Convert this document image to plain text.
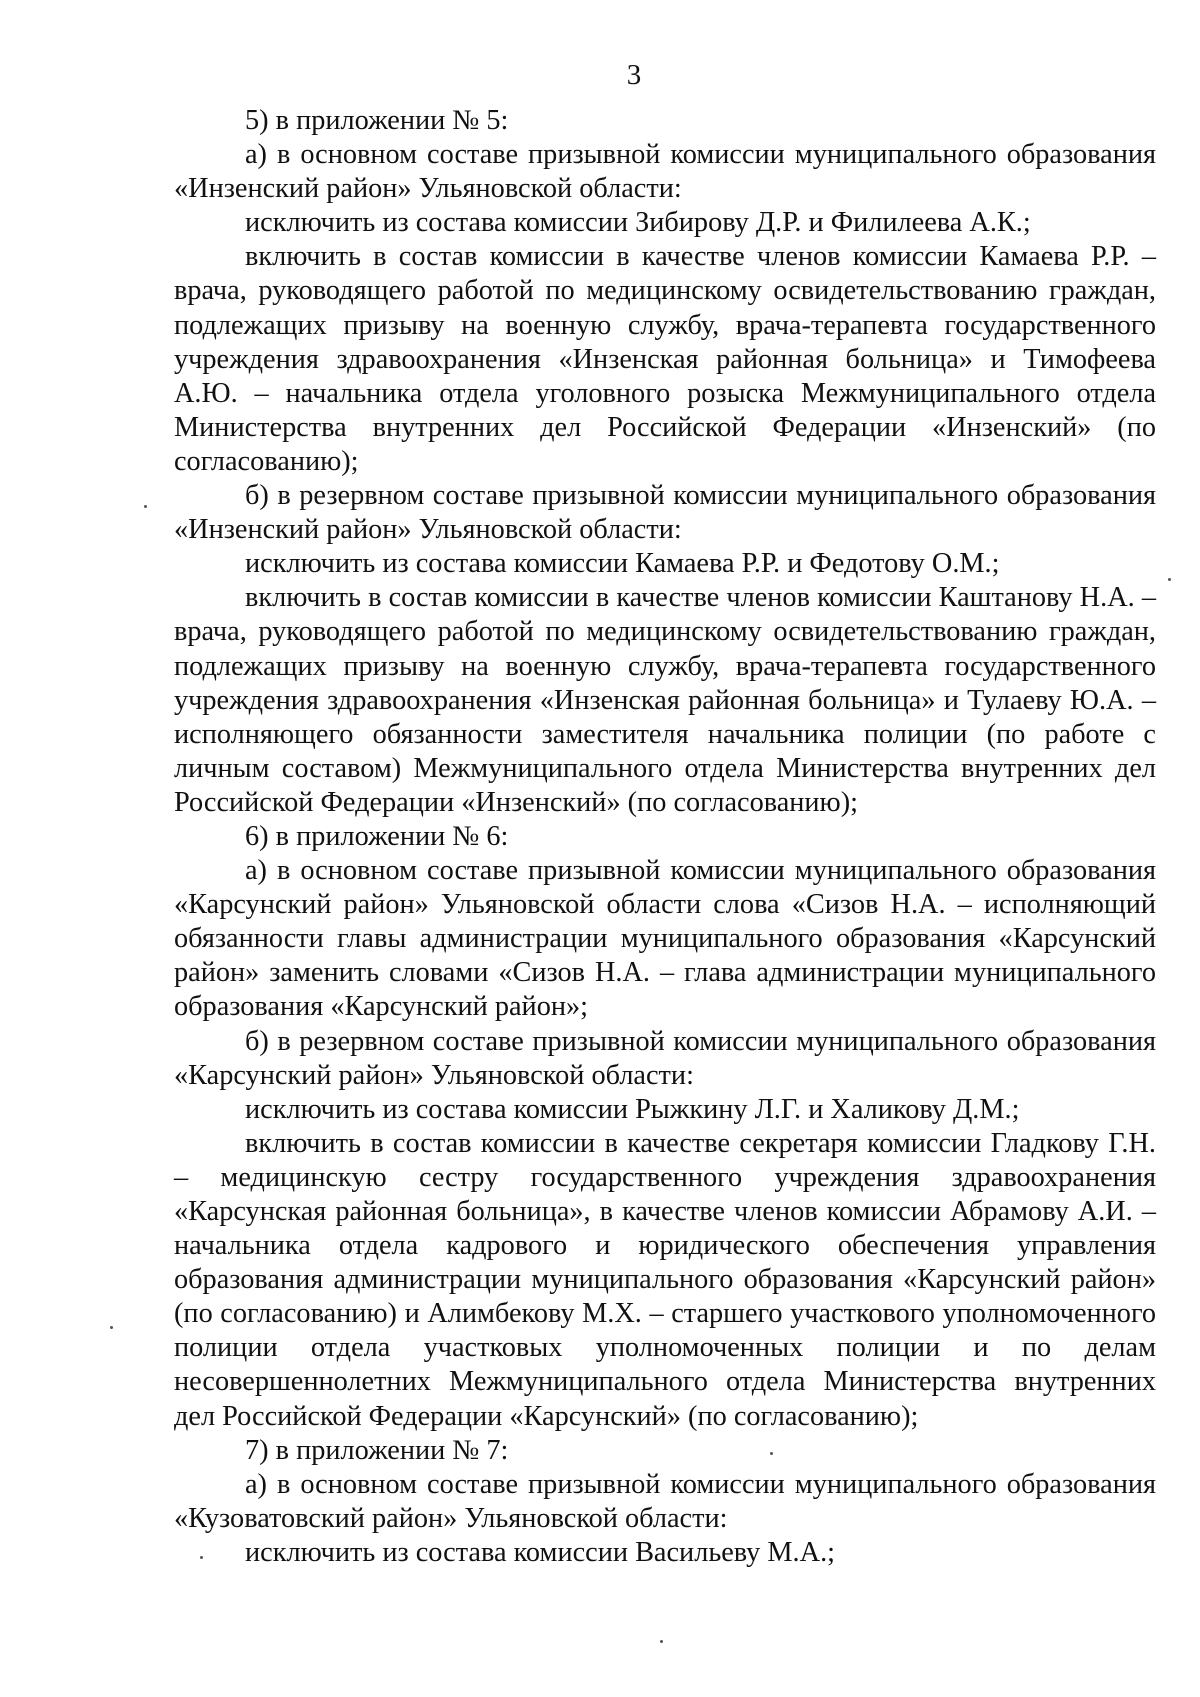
3

5) в приложении № 5:

а) в основном составе призывной комиссии муниципального образования «Инзенский район» Ульяновской области:

исключить из состава комиссии Зибирову Д.Р. и Филилеева А.К.;

включить в состав комиссии в качестве членов комиссии Камаева Р.Р. – врача, руководящего работой по медицинскому освидетельствованию граждан, подлежащих призыву на военную службу, врача-терапевта государственного учреждения здравоохранения «Инзенская районная больница» и Тимофеева А.Ю. – начальника отдела уголовного розыска Межмуниципального отдела Министерства внутренних дел Российской Федерации «Инзенский» (по согласованию);

б) в резервном составе призывной комиссии муниципального образования «Инзенский район» Ульяновской области:

исключить из состава комиссии Камаева Р.Р. и Федотову О.М.;

включить в состав комиссии в качестве членов комиссии Каштанову Н.А. – врача, руководящего работой по медицинскому освидетельствованию граждан, подлежащих призыву на военную службу, врача-терапевта государственного учреждения здравоохранения «Инзенская районная больница» и Тулаеву Ю.А. – исполняющего обязанности заместителя начальника полиции (по работе с личным составом) Межмуниципального отдела Министерства внутренних дел Российской Федерации «Инзенский» (по согласованию);

6) в приложении № 6:

а) в основном составе призывной комиссии муниципального образования «Карсунский район» Ульяновской области слова «Сизов Н.А. – исполняющий обязанности главы администрации муниципального образования «Карсунский район» заменить словами «Сизов Н.А. – глава администрации муниципального образования «Карсунский район»;

б) в резервном составе призывной комиссии муниципального образования «Карсунский район» Ульяновской области:

исключить из состава комиссии Рыжкину Л.Г. и Халикову Д.М.;

включить в состав комиссии в качестве секретаря комиссии Гладкову Г.Н. – медицинскую сестру государственного учреждения здравоохранения «Карсунская районная больница», в качестве членов комиссии Абрамову А.И. – начальника отдела кадрового и юридического обеспечения управления образования администрации муниципального образования «Карсунский район» (по согласованию) и Алимбекову М.Х. – старшего участкового уполномоченного полиции отдела участковых уполномоченных полиции и по делам несовершеннолетних Межмуниципального отдела Министерства внутренних дел Российской Федерации «Карсунский» (по согласованию);

7) в приложении № 7:

а) в основном составе призывной комиссии муниципального образования «Кузоватовский район» Ульяновской области:

исключить из состава комиссии Васильеву М.А.;
